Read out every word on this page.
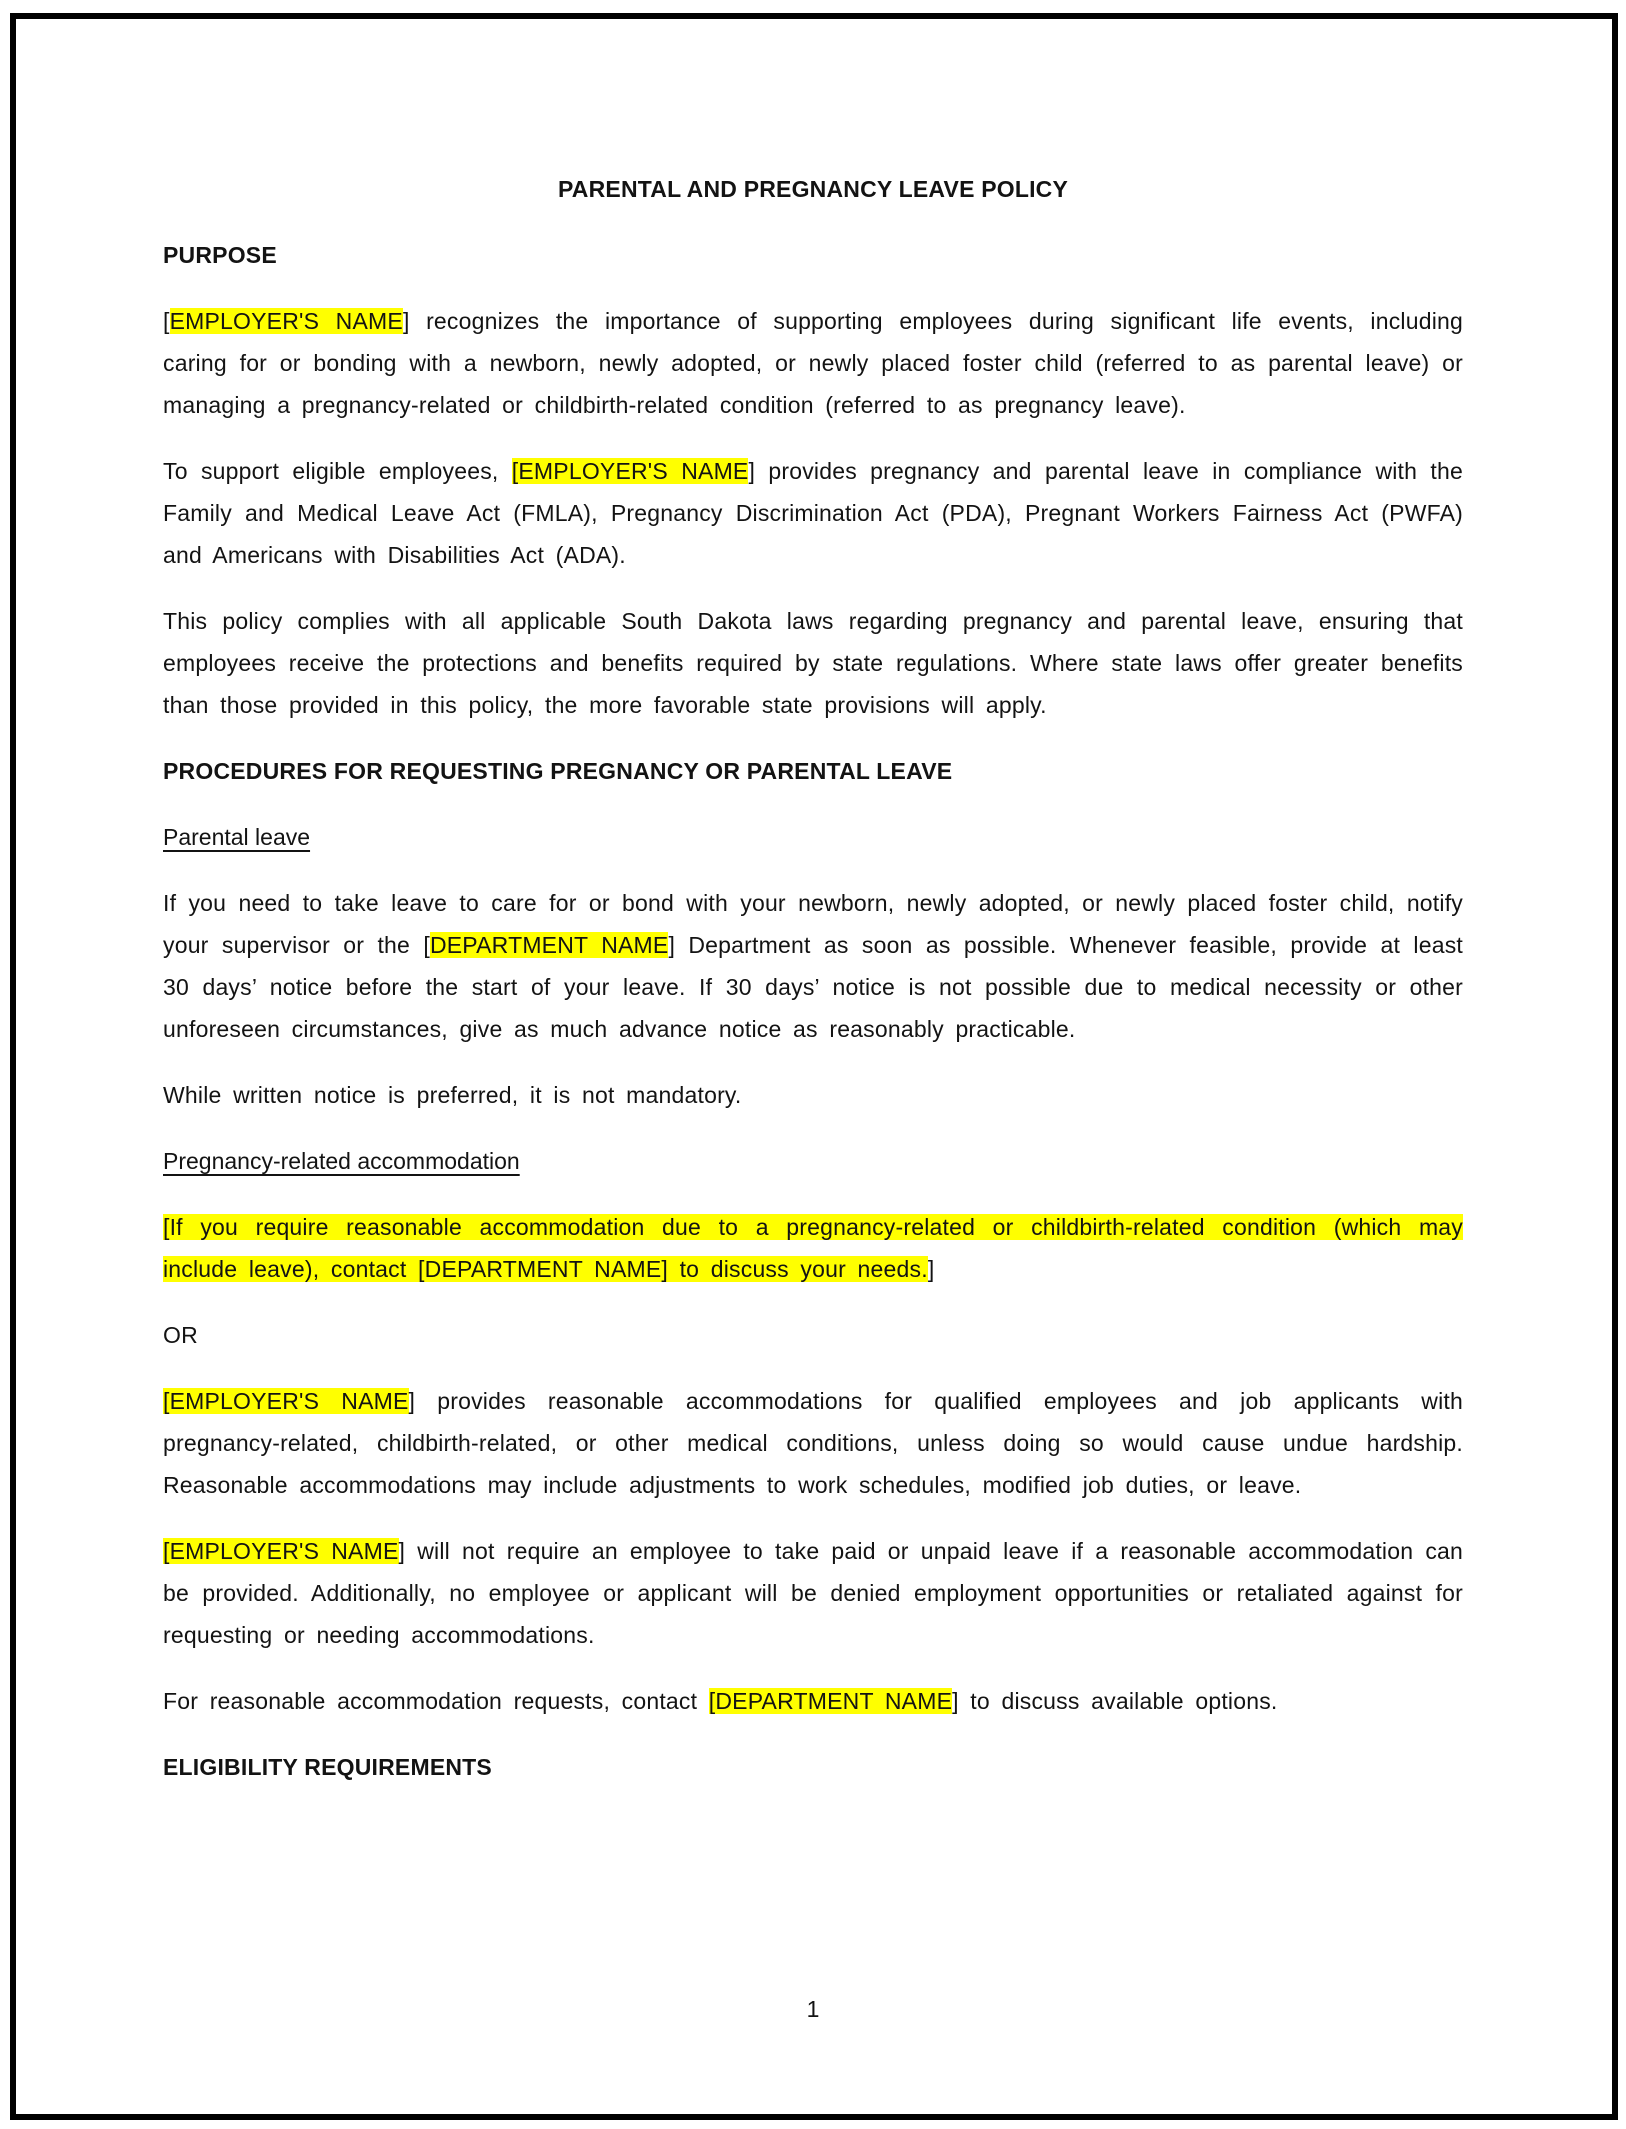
PARENTAL AND PREGNANCY LEAVE POLICY

PURPOSE

[EMPLOYER'S NAME] recognizes the importance of supporting employees during significant life events, including caring for or bonding with a newborn, newly adopted, or newly placed foster child (referred to as parental leave) or managing a pregnancy-related or childbirth-related condition (referred to as pregnancy leave).

To support eligible employees, [EMPLOYER'S NAME] provides pregnancy and parental leave in compliance with the Family and Medical Leave Act (FMLA), Pregnancy Discrimination Act (PDA), Pregnant Workers Fairness Act (PWFA) and Americans with Disabilities Act (ADA).

This policy complies with all applicable South Dakota laws regarding pregnancy and parental leave, ensuring that employees receive the protections and benefits required by state regulations. Where state laws offer greater benefits than those provided in this policy, the more favorable state provisions will apply.

PROCEDURES FOR REQUESTING PREGNANCY OR PARENTAL LEAVE

Parental leave

If you need to take leave to care for or bond with your newborn, newly adopted, or newly placed foster child, notify your supervisor or the [DEPARTMENT NAME] Department as soon as possible. Whenever feasible, provide at least 30 days’ notice before the start of your leave. If 30 days’ notice is not possible due to medical necessity or other unforeseen circumstances, give as much advance notice as reasonably practicable.

While written notice is preferred, it is not mandatory.

Pregnancy-related accommodation

[If you require reasonable accommodation due to a pregnancy-related or childbirth-related condition (which may include leave), contact [DEPARTMENT NAME] to discuss your needs.]

OR

[EMPLOYER'S NAME] provides reasonable accommodations for qualified employees and job applicants with pregnancy-related, childbirth-related, or other medical conditions, unless doing so would cause undue hardship. Reasonable accommodations may include adjustments to work schedules, modified job duties, or leave.

[EMPLOYER'S NAME] will not require an employee to take paid or unpaid leave if a reasonable accommodation can be provided. Additionally, no employee or applicant will be denied employment opportunities or retaliated against for requesting or needing accommodations.

For reasonable accommodation requests, contact [DEPARTMENT NAME] to discuss available options.

ELIGIBILITY REQUIREMENTS

1
